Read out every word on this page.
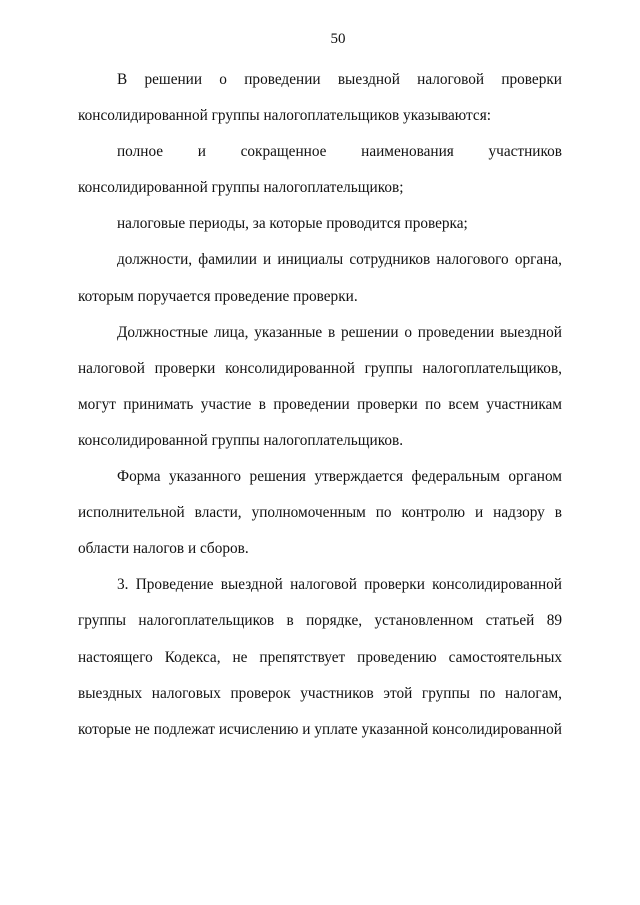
50
В решении о проведении выездной налоговой проверки
консолидированной группы налогоплательщиков указываются:
полное и сокращенное наименования участников
консолидированной группы налогоплательщиков;
налоговые периоды, за которые проводится проверка;
должности, фамилии и инициалы сотрудников налогового органа,
которым поручается проведение проверки.
Должностные лица, указанные в решении о проведении выездной
налоговой проверки консолидированной группы налогоплательщиков,
могут принимать участие в проведении проверки по всем участникам
консолидированной группы налогоплательщиков.
Форма указанного решения утверждается федеральным органом
исполнительной власти, уполномоченным по контролю и надзору в
области налогов и сборов.
3. Проведение выездной налоговой проверки консолидированной
группы налогоплательщиков в порядке, установленном статьей 89
настоящего Кодекса, не препятствует проведению самостоятельных
выездных налоговых проверок участников этой группы по налогам,
которые не подлежат исчислению и уплате указанной консолидированной
